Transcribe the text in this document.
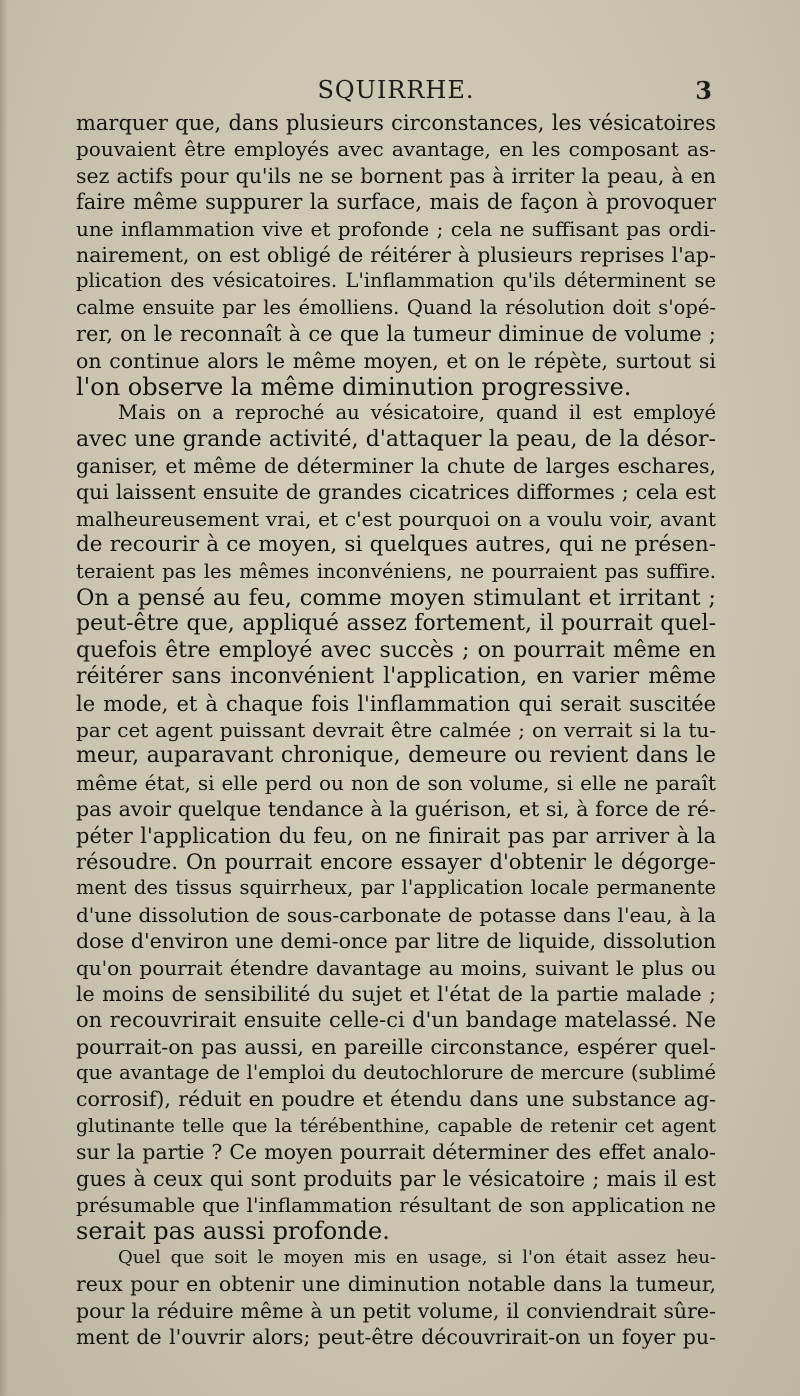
SQUIRRHE.	3
marquer que, dans plusieurs circonstances, les vésicatoires
pouvaient être employés avec avantage, en les composant as-
sez actifs pour qu'ils ne se bornent pas à irriter la peau, à en
faire même suppurer la surface, mais de façon à provoquer
une inflammation vive et profonde ; cela ne suffisant pas ordi-
nairement, on est obligé de réitérer à plusieurs reprises l'ap-
plication des vésicatoires. L'inflammation qu'ils déterminent se
calme ensuite par les émolliens. Quand la résolution doit s'opé-
rer, on le reconnaît à ce que la tumeur diminue de volume ;
on continue alors le même moyen, et on le répète, surtout si
l'on observe la même diminution progressive.
Mais on a reproché au vésicatoire, quand il est employé
avec une grande activité, d'attaquer la peau, de la désor-
ganiser, et même de déterminer la chute de larges eschares,
qui laissent ensuite de grandes cicatrices difformes ; cela est
malheureusement vrai, et c'est pourquoi on a voulu voir, avant
de recourir à ce moyen, si quelques autres, qui ne présen-
teraient pas les mêmes inconvéniens, ne pourraient pas suffire.
On a pensé au feu, comme moyen stimulant et irritant ;
peut-être que, appliqué assez fortement, il pourrait quel-
quefois être employé avec succès ; on pourrait même en
réitérer sans inconvénient l'application, en varier même
le mode, et à chaque fois l'inflammation qui serait suscitée
par cet agent puissant devrait être calmée ; on verrait si la tu-
meur, auparavant chronique, demeure ou revient dans le
même état, si elle perd ou non de son volume, si elle ne paraît
pas avoir quelque tendance à la guérison, et si, à force de ré-
péter l'application du feu, on ne finirait pas par arriver à la
résoudre. On pourrait encore essayer d'obtenir le dégorge-
ment des tissus squirrheux, par l'application locale permanente
d'une dissolution de sous-carbonate de potasse dans l'eau, à la
dose d'environ une demi-once par litre de liquide, dissolution
qu'on pourrait étendre davantage au moins, suivant le plus ou
le moins de sensibilité du sujet et l'état de la partie malade ;
on recouvrirait ensuite celle-ci d'un bandage matelassé. Ne
pourrait-on pas aussi, en pareille circonstance, espérer quel-
que avantage de l'emploi du deutochlorure de mercure (sublimé
corrosif), réduit en poudre et étendu dans une substance ag-
glutinante telle que la térébenthine, capable de retenir cet agent
sur la partie ? Ce moyen pourrait déterminer des effet analo-
gues à ceux qui sont produits par le vésicatoire ; mais il est
présumable que l'inflammation résultant de son application ne
serait pas aussi profonde.
Quel que soit le moyen mis en usage, si l'on était assez heu-
reux pour en obtenir une diminution notable dans la tumeur,
pour la réduire même à un petit volume, il conviendrait sûre-
ment de l'ouvrir alors; peut-être découvrirait-on un foyer pu-
